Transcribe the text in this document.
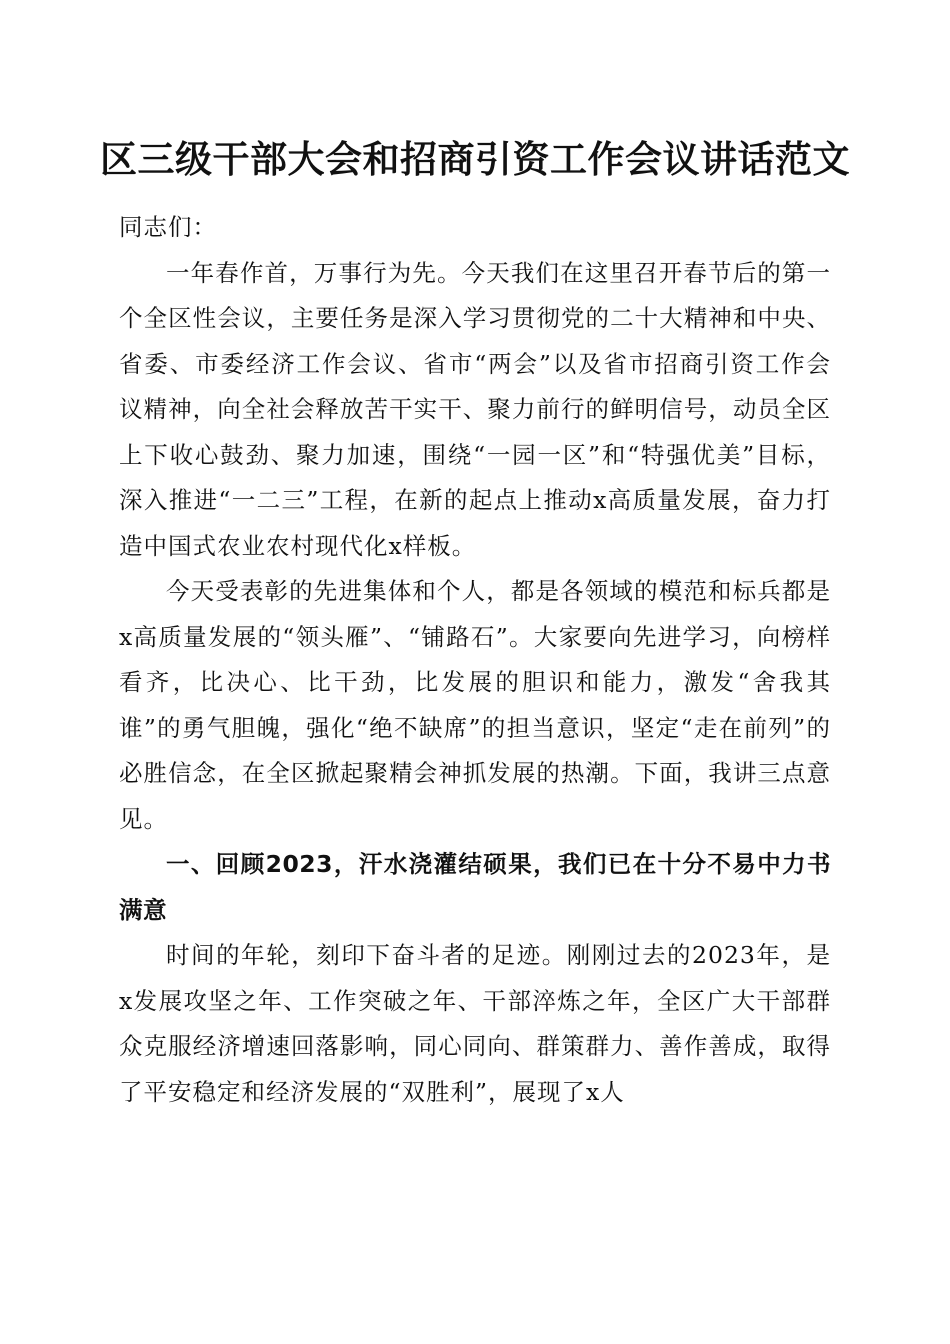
区三级干部大会和招商引资工作会议讲话范文

同志们：

一年春作首，万事行为先。今天我们在这里召开春节后的第一个全区性会议，主要任务是深入学习贯彻党的二十大精神和中央、省委、市委经济工作会议、省市“两会”以及省市招商引资工作会议精神，向全社会释放苦干实干、聚力前行的鲜明信号，动员全区上下收心鼓劲、聚力加速，围绕“一园一区”和“特强优美”目标，深入推进“一二三”工程，在新的起点上推动x高质量发展，奋力打造中国式农业农村现代化x样板。

今天受表彰的先进集体和个人，都是各领域的模范和标兵都是x高质量发展的“领头雁”、“铺路石”。大家要向先进学习，向榜样看齐，比决心、比干劲，比发展的胆识和能力，激发“舍我其谁”的勇气胆魄，强化“绝不缺席”的担当意识，坚定“走在前列”的必胜信念，在全区掀起聚精会神抓发展的热潮。下面，我讲三点意见。

一、回顾2023，汗水浇灌结硕果，我们已在十分不易中力书满意

时间的年轮，刻印下奋斗者的足迹。刚刚过去的2023年，是x发展攻坚之年、工作突破之年、干部淬炼之年，全区广大干部群众克服经济增速回落影响，同心同向、群策群力、善作善成，取得了平安稳定和经济发展的“双胜利”，展现了x人
